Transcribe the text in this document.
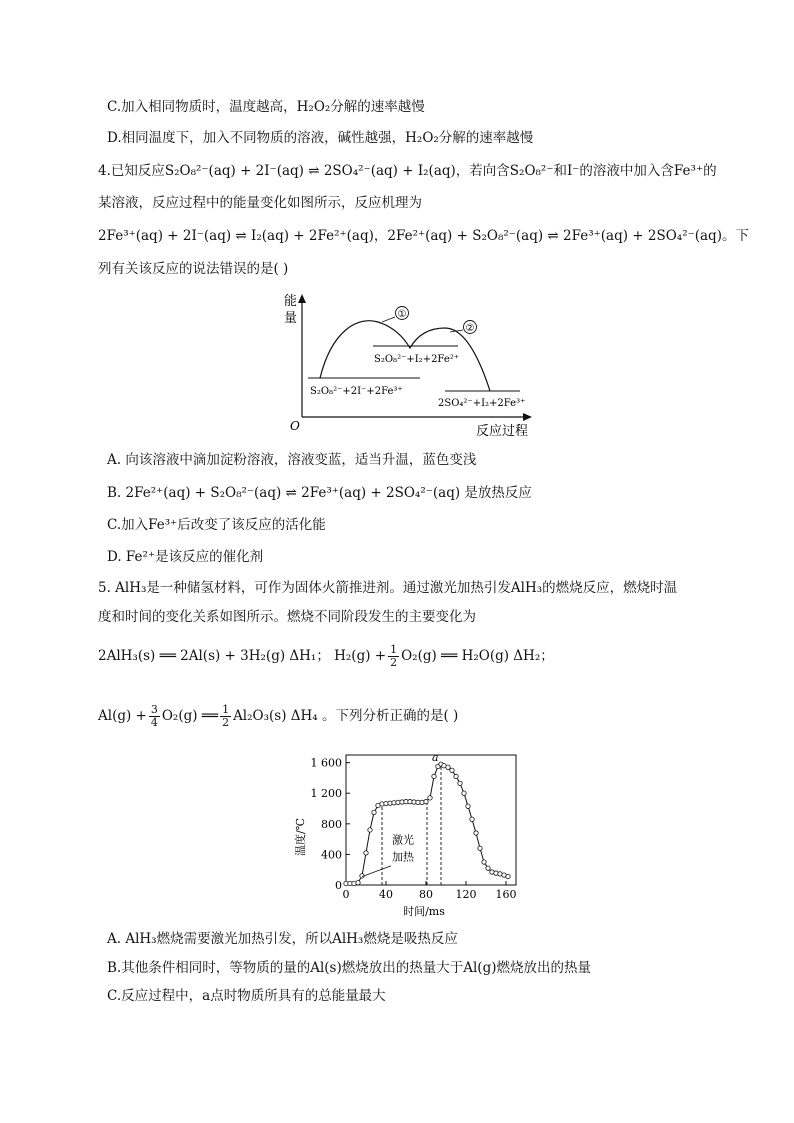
C.加入相同物质时，温度越高，H₂O₂分解的速率越慢
D.相同温度下，加入不同物质的溶液，碱性越强，H₂O₂分解的速率越慢
4.已知反应S₂O₈²⁻(aq) + 2I⁻(aq) ⇌ 2SO₄²⁻(aq) + I₂(aq)，若向含S₂O₈²⁻和I⁻的溶液中加入含Fe³⁺的
某溶液，反应过程中的能量变化如图所示，反应机理为
2Fe³⁺(aq) + 2I⁻(aq) ⇌ I₂(aq) + 2Fe²⁺(aq)，2Fe²⁺(aq) + S₂O₈²⁻(aq) ⇌ 2Fe³⁺(aq) + 2SO₄²⁻(aq)。下
列有关该反应的说法错误的是( )
能
量
O	反应过程
①
②
S₂O₈²⁻+I₂+2Fe²⁺
S₂O₈²⁻+2I⁻+2Fe³⁺
2SO₄²⁻+I₂+2Fe³⁺
A. 向该溶液中滴加淀粉溶液，溶液变蓝，适当升温，蓝色变浅
B. 2Fe²⁺(aq) + S₂O₈²⁻(aq) ⇌ 2Fe³⁺(aq) + 2SO₄²⁻(aq) 是放热反应
C.加入Fe³⁺后改变了该反应的活化能
D. Fe²⁺是该反应的催化剂
5. AlH₃是一种储氢材料，可作为固体火箭推进剂。通过激光加热引发AlH₃的燃烧反应，燃烧时温
度和时间的变化关系如图所示。燃烧不同阶段发生的主要变化为
2AlH₃(s) ══ 2Al(s) + 3H₂(g) ΔH₁； $H_2(g) + \frac{1}{2} O_2(g)$ ══ H₂O(g) ΔH₂；
$Al(g) + \frac{3}{4} O_2(g)$ ══ $\frac{1}{2} Al_2O_3(s)$ ΔH₄ 。下列分析正确的是( )
0	40 80 120 160
0
400
800
1 200
1 600
温度/℃
时间/ms
a
激光
加热
A. AlH₃燃烧需要激光加热引发，所以AlH₃燃烧是吸热反应
B.其他条件相同时，等物质的量的Al(s)燃烧放出的热量大于Al(g)燃烧放出的热量
C.反应过程中，a点时物质所具有的总能量最大
